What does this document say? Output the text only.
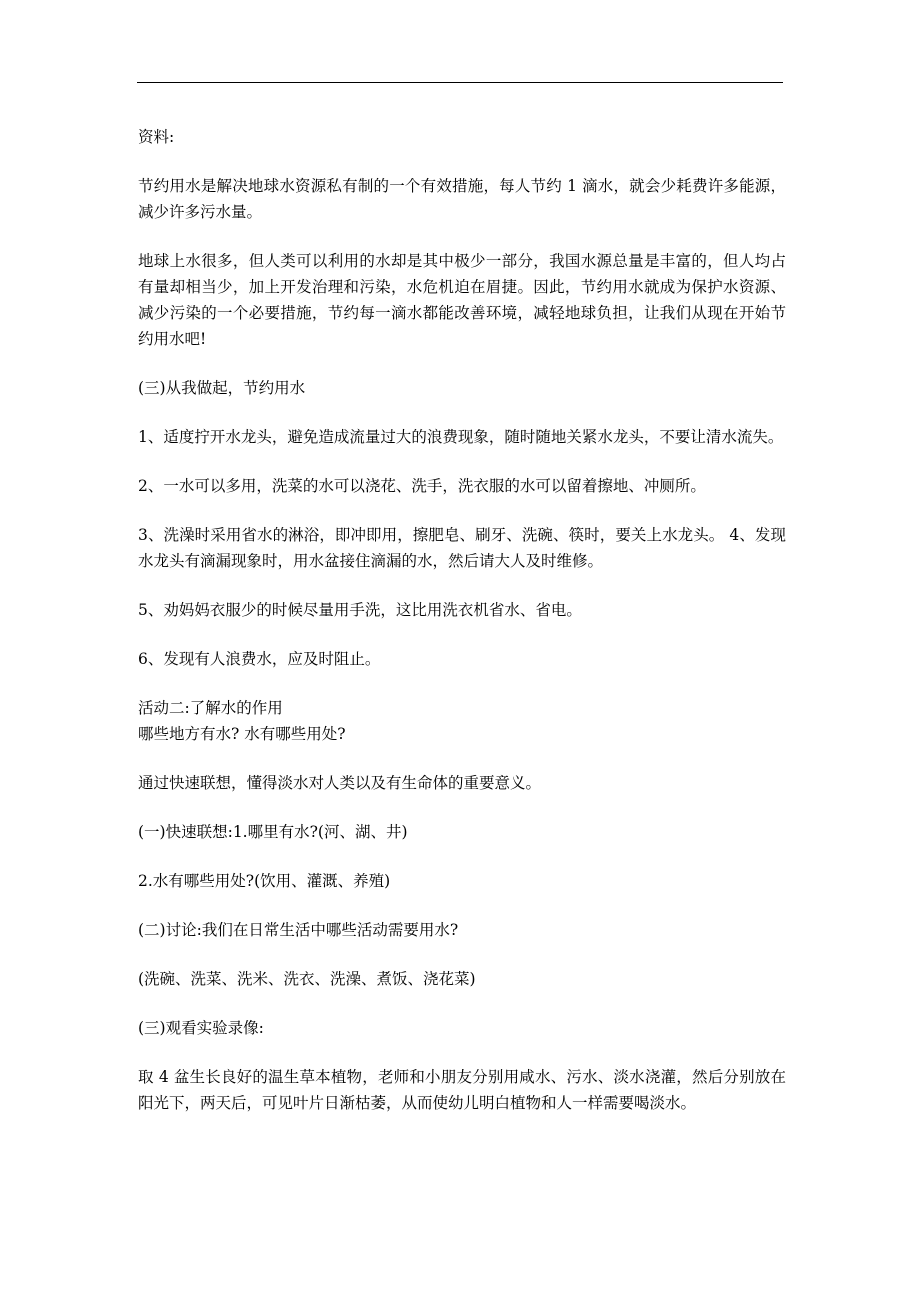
资料:

节约用水是解决地球水资源私有制的一个有效措施，每人节约 1 滴水，就会少耗费许多能源，减少许多污水量。

地球上水很多，但人类可以利用的水却是其中极少一部分，我国水源总量是丰富的，但人均占有量却相当少，加上开发治理和污染，水危机迫在眉捷。因此，节约用水就成为保护水资源、减少污染的一个必要措施，节约每一滴水都能改善环境，减轻地球负担，让我们从现在开始节约用水吧!

(三)从我做起，节约用水

1、适度拧开水龙头，避免造成流量过大的浪费现象，随时随地关紧水龙头，不要让清水流失。

2、一水可以多用，洗菜的水可以浇花、洗手，洗衣服的水可以留着擦地、冲厕所。

3、洗澡时采用省水的淋浴，即冲即用，擦肥皂、刷牙、洗碗、筷时，要关上水龙头。 4、发现水龙头有滴漏现象时，用水盆接住滴漏的水，然后请大人及时维修。

5、劝妈妈衣服少的时候尽量用手洗，这比用洗衣机省水、省电。

6、发现有人浪费水，应及时阻止。

活动二:了解水的作用

哪些地方有水? 水有哪些用处?

通过快速联想，懂得淡水对人类以及有生命体的重要意义。

(一)快速联想:1.哪里有水?(河、湖、井)

2.水有哪些用处?(饮用、灌溉、养殖)

(二)讨论:我们在日常生活中哪些活动需要用水?

(洗碗、洗菜、洗米、洗衣、洗澡、煮饭、浇花菜)

(三)观看实验录像:

取 4 盆生长良好的温生草本植物，老师和小朋友分别用咸水、污水、淡水浇灌，然后分别放在阳光下，两天后，可见叶片日渐枯萎，从而使幼儿明白植物和人一样需要喝淡水。
